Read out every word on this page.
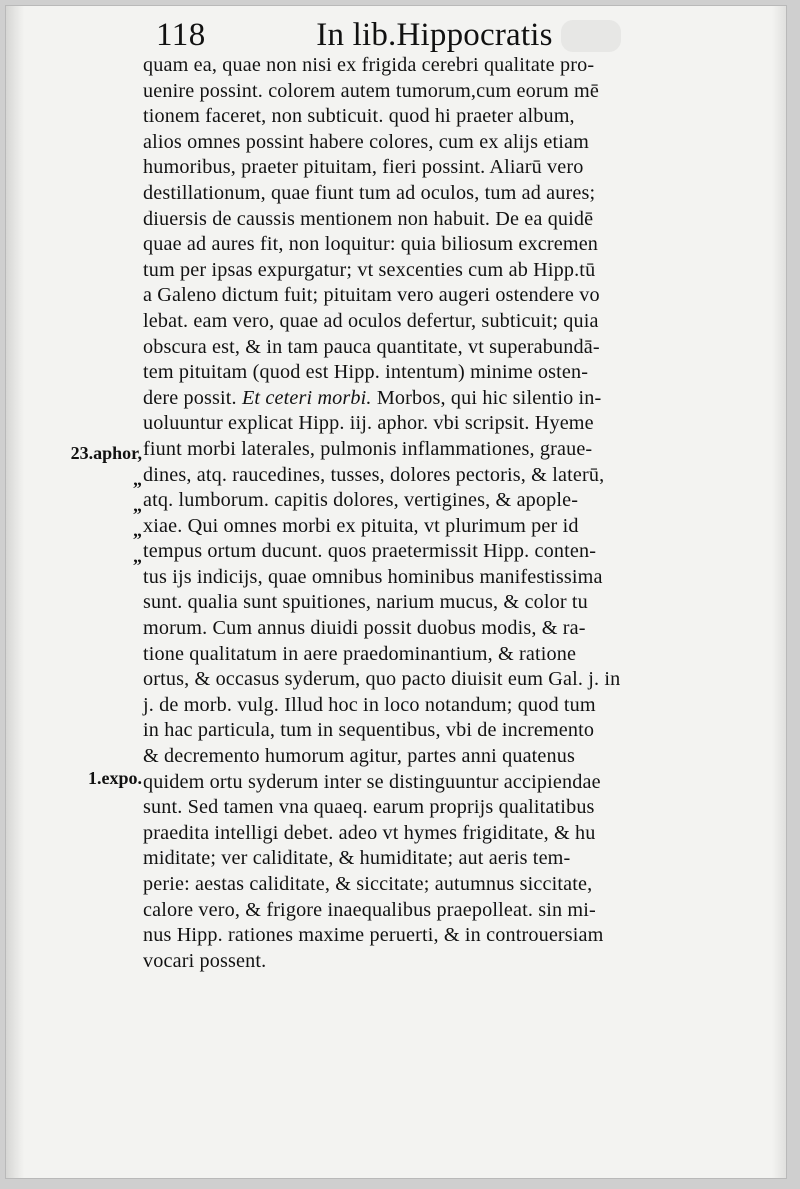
118	In lib.Hippocratis
23.aphor,
„
„
„
„
1.expo.
quam ea, quae non nisi ex frigida cerebri qualitate pro-
uenire possint. colorem autem tumorum,cum eorum mē
tionem faceret, non subticuit. quod hi praeter album,
alios omnes possint habere colores, cum ex alijs etiam
humoribus, praeter pituitam, fieri possint. Aliarū vero
destillationum, quae fiunt tum ad oculos, tum ad aures;
diuersis de caussis mentionem non habuit. De ea quidē
quae ad aures fit, non loquitur: quia biliosum excremen
tum per ipsas expurgatur; vt sexcenties cum ab Hipp.tū
a Galeno dictum fuit; pituitam vero augeri ostendere vo
lebat. eam vero, quae ad oculos defertur, subticuit; quia
obscura est, & in tam pauca quantitate, vt superabundā-
tem pituitam (quod est Hipp. intentum) minime osten-
dere possit. Et ceteri morbi. Morbos, qui hic silentio in-
uoluuntur explicat Hipp. iij. aphor. vbi scripsit. Hyeme
fiunt morbi laterales, pulmonis inflammationes, graue-
dines, atq. raucedines, tusses, dolores pectoris, & laterū,
atq. lumborum. capitis dolores, vertigines, & apople-
xiae. Qui omnes morbi ex pituita, vt plurimum per id
tempus ortum ducunt. quos praetermissit Hipp. conten-
tus ijs indicijs, quae omnibus hominibus manifestissima
sunt. qualia sunt spuitiones, narium mucus, & color tu
morum. Cum annus diuidi possit duobus modis, & ra-
tione qualitatum in aere praedominantium, & ratione
ortus, & occasus syderum, quo pacto diuisit eum Gal. j. in
j. de morb. vulg. Illud hoc in loco notandum; quod tum
in hac particula, tum in sequentibus, vbi de incremento
& decremento humorum agitur, partes anni quatenus
quidem ortu syderum inter se distinguuntur accipiendae
sunt. Sed tamen vna quaeq. earum proprijs qualitatibus
praedita intelligi debet. adeo vt hymes frigiditate, & hu
miditate; ver caliditate, & humiditate; aut aeris tem-
perie: aestas caliditate, & siccitate; autumnus siccitate,
calore vero, & frigore inaequalibus praepolleat. sin mi-
nus Hipp. rationes maxime peruerti, & in controuersiam
vocari possent.
